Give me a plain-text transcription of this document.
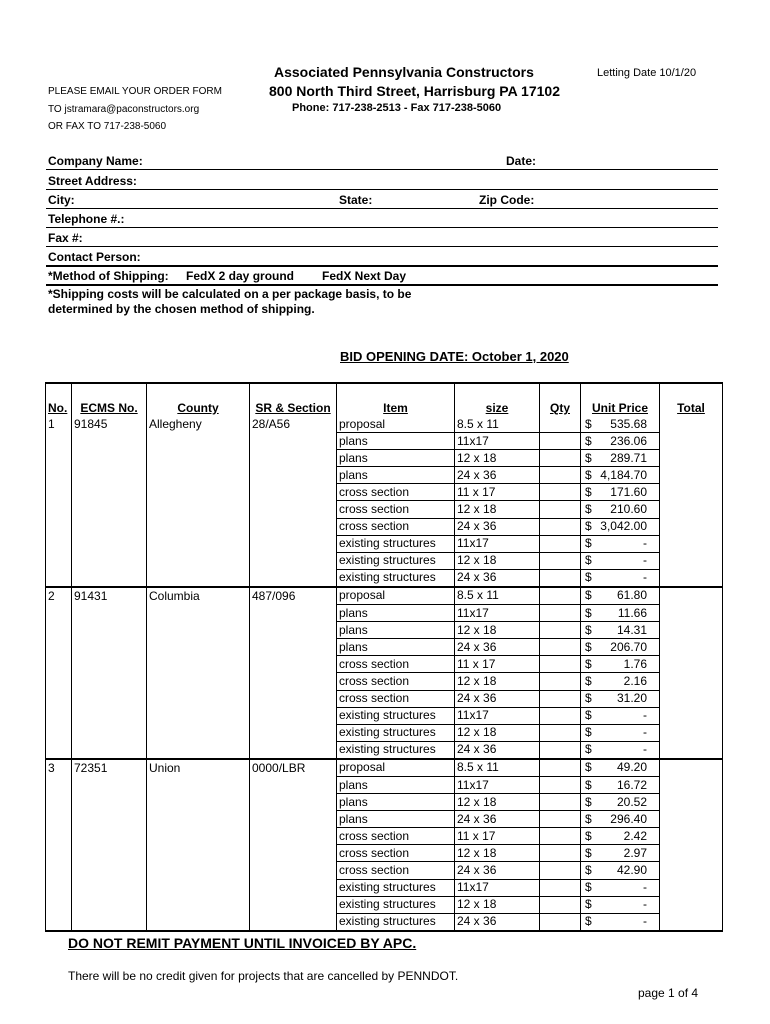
Associated Pennsylvania Constructors
800 North Third Street, Harrisburg PA 17102
Phone: 717-238-2513 - Fax 717-238-5060
Letting Date 10/1/20
PLEASE EMAIL YOUR ORDER FORM
TO jstramara@paconstructors.org
OR FAX TO 717-238-5060
Company Name:	Date:
Street Address:
City:	State:	Zip Code:
Telephone #.:
Fax #:
Contact Person:
*Method of Shipping: FedX 2 day ground FedX Next Day
*Shipping costs will be calculated on a per package basis, to be
determined by the chosen method of shipping.
BID OPENING DATE: October 1, 2020
No.	ECMS No.	County	SR & Section	Item	size	Qty	Unit Price	Total
1	91845	Allegheny	28/A56	proposal	8.5 x 11		$ 535.68	
				plans	11x17		$ 236.06	
				plans	12 x 18		$ 289.71	
				plans	24 x 36		$ 4,184.70	
				cross section	11 x 17		$ 171.60	
				cross section	12 x 18		$ 210.60	
				cross section	24 x 36		$ 3,042.00	
				existing structures	11x17		$ -	
				existing structures	12 x 18		$ -	
				existing structures	24 x 36		$ -	
2	91431	Columbia	487/096	proposal	8.5 x 11		$ 61.80	
				plans	11x17		$ 11.66	
				plans	12 x 18		$ 14.31	
				plans	24 x 36		$ 206.70	
				cross section	11 x 17		$ 1.76	
				cross section	12 x 18		$ 2.16	
				cross section	24 x 36		$ 31.20	
				existing structures	11x17		$ -	
				existing structures	12 x 18		$ -	
				existing structures	24 x 36		$ -	
3	72351	Union	0000/LBR	proposal	8.5 x 11		$ 49.20	
				plans	11x17		$ 16.72	
				plans	12 x 18		$ 20.52	
				plans	24 x 36		$ 296.40	
				cross section	11 x 17		$ 2.42	
				cross section	12 x 18		$ 2.97	
				cross section	24 x 36		$ 42.90	
				existing structures	11x17		$ -	
				existing structures	12 x 18		$ -	
				existing structures	24 x 36		$ -	
DO NOT REMIT PAYMENT UNTIL INVOICED BY APC.
There will be no credit given for projects that are cancelled by PENNDOT.
page 1 of 4
